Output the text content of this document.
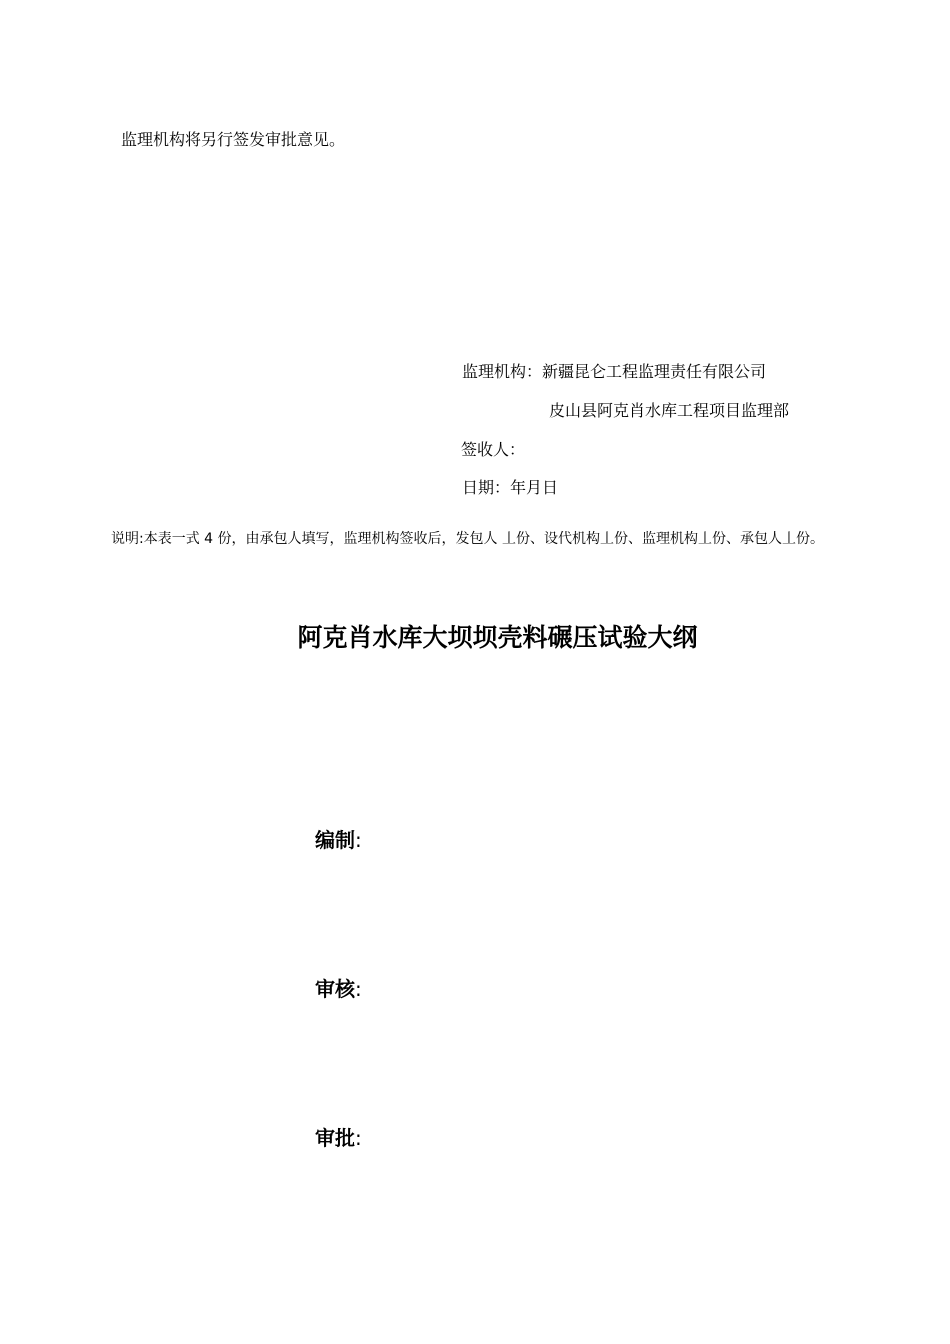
监理机构将另行签发审批意见。
监理机构：新疆昆仑工程监理责任有限公司
皮山县阿克肖水库工程项目监理部
签收人：
日期：年月日
说明:本表一式 4 份，由承包人填写，监理机构签收后，发包人 丄份、设代机构丄份、监理机构丄份、承包人丄份。
阿克肖水库大坝坝壳料碾压试验大纲
编制:
审核:
审批:
